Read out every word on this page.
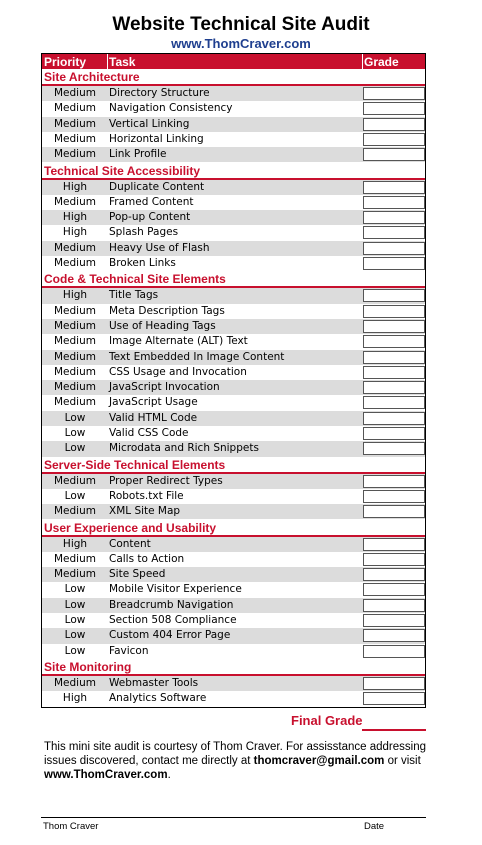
Website Technical Site Audit
www.ThomCraver.com
Priority Task	Grade
Site Architecture
Medium	Directory Structure
Medium	Navigation Consistency
Medium	Vertical Linking
Medium	Horizontal Linking
Medium	Link Profile
Technical Site Accessibility
High	Duplicate Content
Medium	Framed Content
High	Pop-up Content
High	Splash Pages
Medium	Heavy Use of Flash
Medium	Broken Links
Code & Technical Site Elements
High	Title Tags
Medium	Meta Description Tags
Medium	Use of Heading Tags
Medium	Image Alternate (ALT) Text
Medium	Text Embedded In Image Content
Medium	CSS Usage and Invocation
Medium	JavaScript Invocation
Medium	JavaScript Usage
Low	Valid HTML Code
Low	Valid CSS Code
Low	Microdata and Rich Snippets
Server-Side Technical Elements
Medium	Proper Redirect Types
Low	Robots.txt File
Medium	XML Site Map
User Experience and Usability
High	Content
Medium	Calls to Action
Medium	Site Speed
Low	Mobile Visitor Experience
Low	Breadcrumb Navigation
Low	Section 508 Compliance
Low	Custom 404 Error Page
Low	Favicon
Site Monitoring
Medium	Webmaster Tools
High	Analytics Software
Final Grade
This mini site audit is courtesy of Thom Craver. For assisstance addressing issues discovered, contact me directly at thomcraver@gmail.com or visit www.ThomCraver.com.
Thom Craver	Date
